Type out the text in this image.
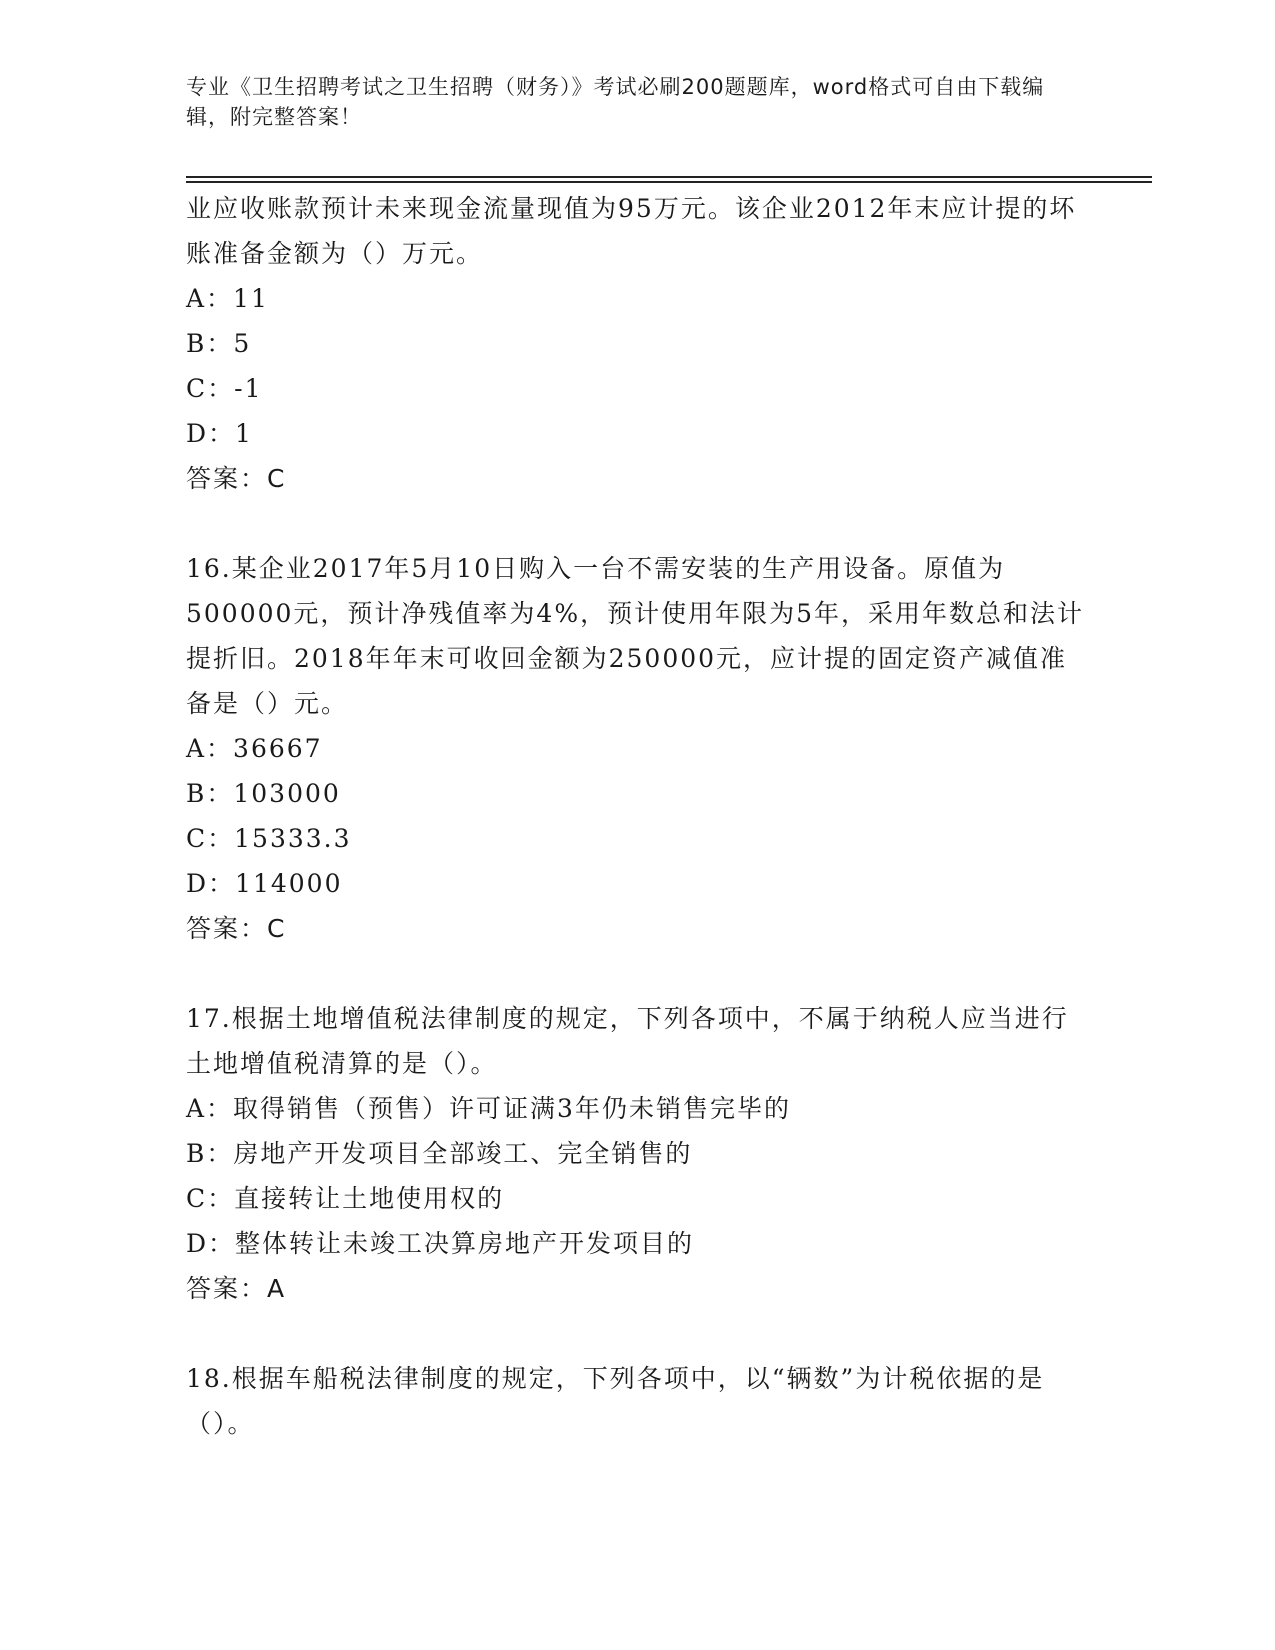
专业《卫生招聘考试之卫生招聘（财务）》考试必刷200题题库，word格式可自由下载编辑，附完整答案！

业应收账款预计未来现金流量现值为95万元。该企业2012年末应计提的坏账准备金额为（）万元。

A：11

B：5

C：-1

D：1

答案：C

16.某企业2017年5月10日购入一台不需安装的生产用设备。原值为500000元，预计净残值率为4%，预计使用年限为5年，采用年数总和法计提折旧。2018年年末可收回金额为250000元，应计提的固定资产减值准备是（）元。

A：36667

B：103000

C：15333.3

D：114000

答案：C

17.根据土地增值税法律制度的规定，下列各项中，不属于纳税人应当进行土地增值税清算的是（）。

A：取得销售（预售）许可证满3年仍未销售完毕的

B：房地产开发项目全部竣工、完全销售的

C：直接转让土地使用权的

D：整体转让未竣工决算房地产开发项目的

答案：A

18.根据车船税法律制度的规定，下列各项中，以“辆数”为计税依据的是（）。
